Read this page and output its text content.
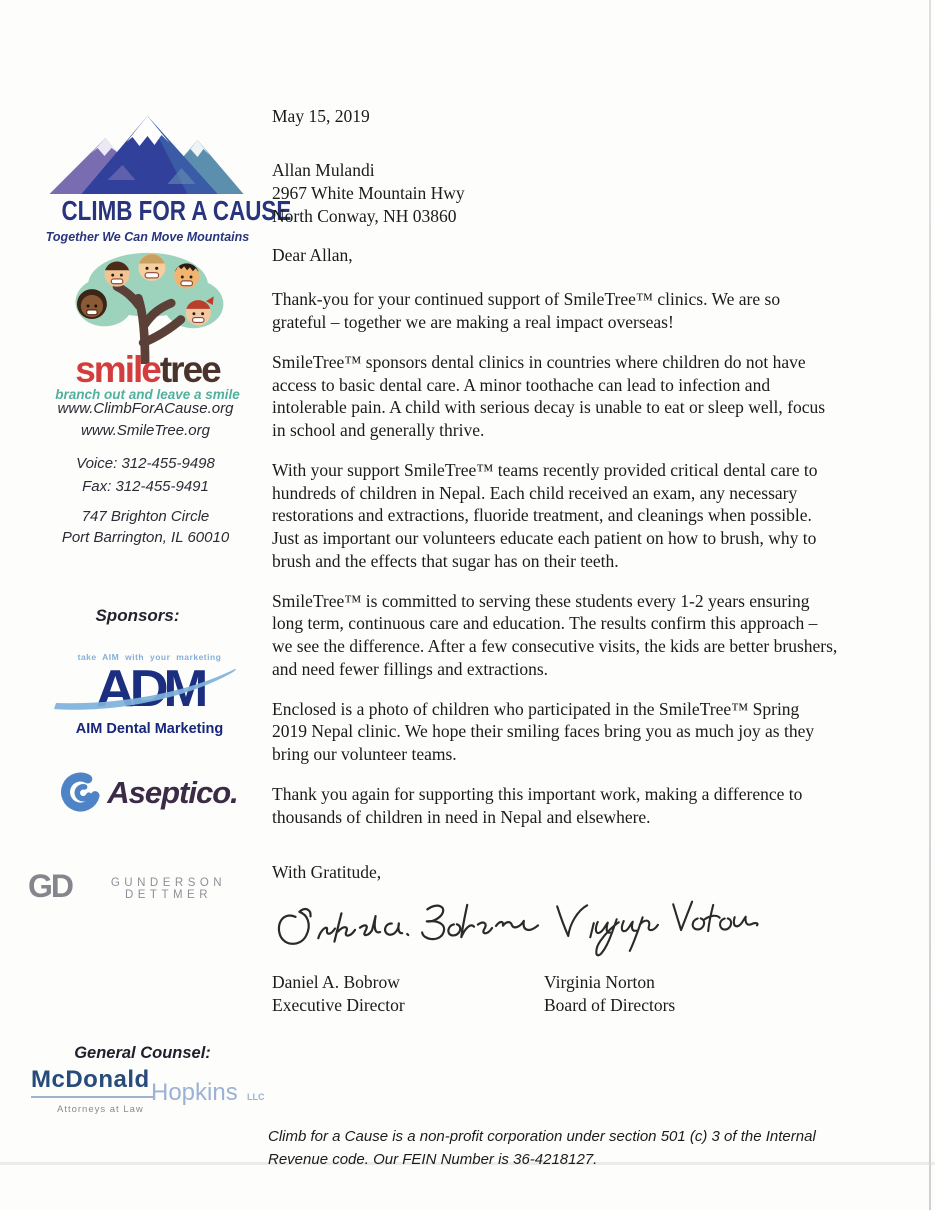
CLIMB FOR A CAUSE
Together We Can Move Mountains
smiletree
branch out and leave a smile
www.ClimbForACause.org
www.SmileTree.org
Voice: 312-455-9498
Fax: 312-455-9491
747 Brighton Circle
Port Barrington, IL 60010
Sponsors:
take AIM with your marketing
ADM
AIM Dental Marketing
Aseptico.
GD	GUNDERSON DETTMER
General Counsel:
McDonald Hopkins LLC
Attorneys at Law
May 15, 2019
Allan Mulandi
2967 White Mountain Hwy
North Conway, NH 03860
Dear Allan,

Thank-you for your continued support of SmileTree™ clinics. We are so grateful – together we are making a real impact overseas!

SmileTree™ sponsors dental clinics in countries where children do not have access to basic dental care. A minor toothache can lead to infection and intolerable pain. A child with serious decay is unable to eat or sleep well, focus in school and generally thrive.

With your support SmileTree™ teams recently provided critical dental care to hundreds of children in Nepal. Each child received an exam, any necessary restorations and extractions, fluoride treatment, and cleanings when possible. Just as important our volunteers educate each patient on how to brush, why to brush and the effects that sugar has on their teeth.

SmileTree™ is committed to serving these students every 1-2 years ensuring long term, continuous care and education. The results confirm this approach – we see the difference. After a few consecutive visits, the kids are better brushers, and need fewer fillings and extractions.

Enclosed is a photo of children who participated in the SmileTree™ Spring 2019 Nepal clinic. We hope their smiling faces bring you as much joy as they bring our volunteer teams.

Thank you again for supporting this important work, making a difference to thousands of children in need in Nepal and elsewhere.

With Gratitude,
Daniel A. Bobrow
Executive Director
Virginia Norton
Board of Directors
Climb for a Cause is a non-profit corporation under section 501 (c) 3 of the Internal Revenue code. Our FEIN Number is 36-4218127.
